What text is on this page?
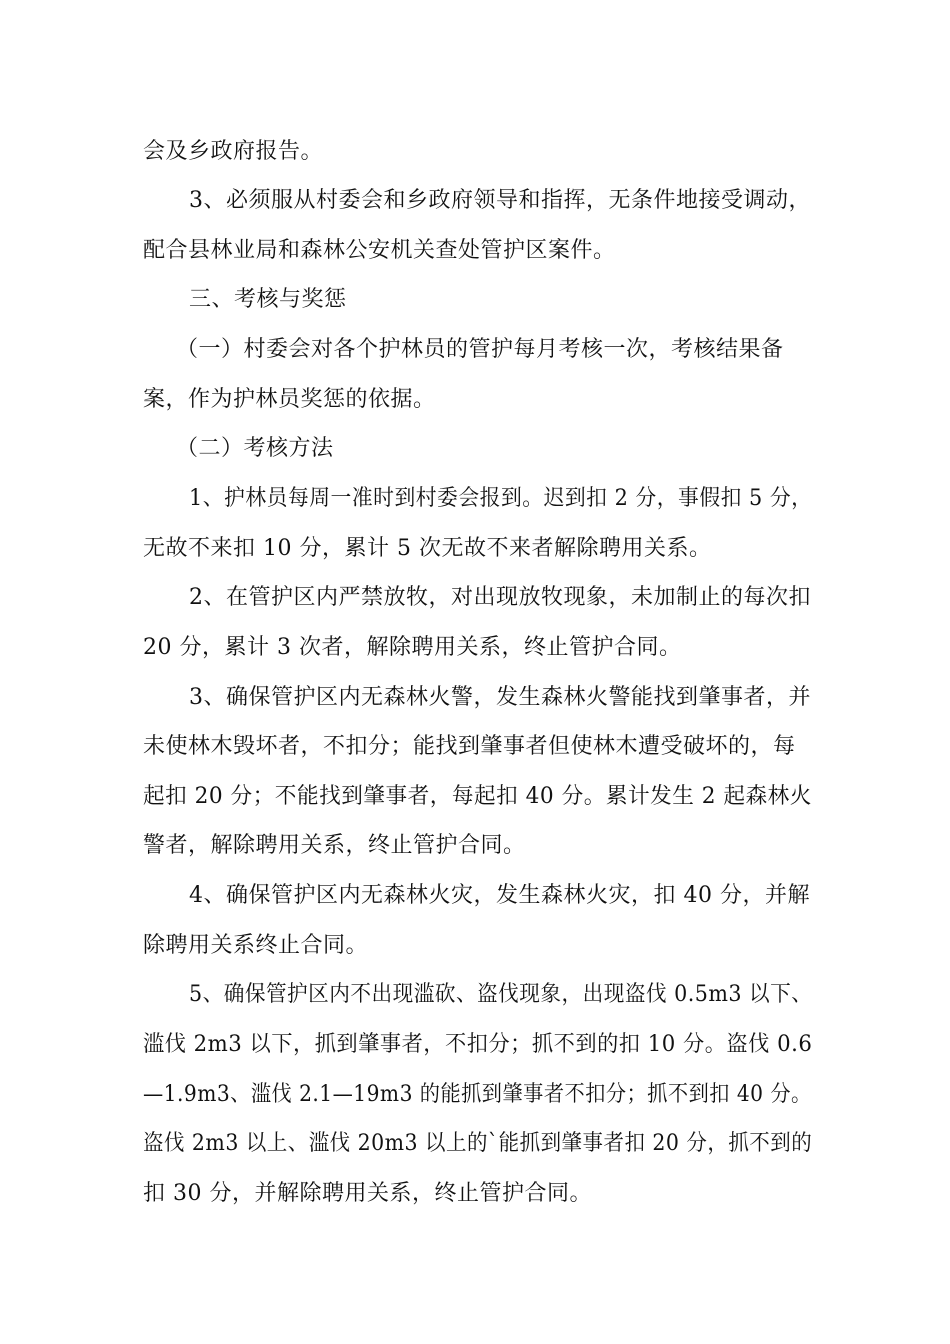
会及乡政府报告。
3、必须服从村委会和乡政府领导和指挥，无条件地接受调动，
配合县林业局和森林公安机关查处管护区案件。
三、考核与奖惩
（一）村委会对各个护林员的管护每月考核一次，考核结果备
案，作为护林员奖惩的依据。
（二）考核方法
1、护林员每周一准时到村委会报到。迟到扣 2 分，事假扣 5 分，
无故不来扣 10 分，累计 5 次无故不来者解除聘用关系。
2、在管护区内严禁放牧，对出现放牧现象，未加制止的每次扣
20 分，累计 3 次者，解除聘用关系，终止管护合同。
3、确保管护区内无森林火警，发生森林火警能找到肇事者，并
未使林木毁坏者，不扣分；能找到肇事者但使林木遭受破坏的，每
起扣 20 分；不能找到肇事者，每起扣 40 分。累计发生 2 起森林火
警者，解除聘用关系，终止管护合同。
4、确保管护区内无森林火灾，发生森林火灾，扣 40 分，并解
除聘用关系终止合同。
5、确保管护区内不出现滥砍、盗伐现象，出现盗伐 0.5m3 以下、
滥伐 2m3 以下，抓到肇事者，不扣分；抓不到的扣 10 分。盗伐 0.6
—1.9m3、滥伐 2.1—19m3 的能抓到肇事者不扣分；抓不到扣 40 分。
盗伐 2m3 以上、滥伐 20m3 以上的`能抓到肇事者扣 20 分，抓不到的
扣 30 分，并解除聘用关系，终止管护合同。
